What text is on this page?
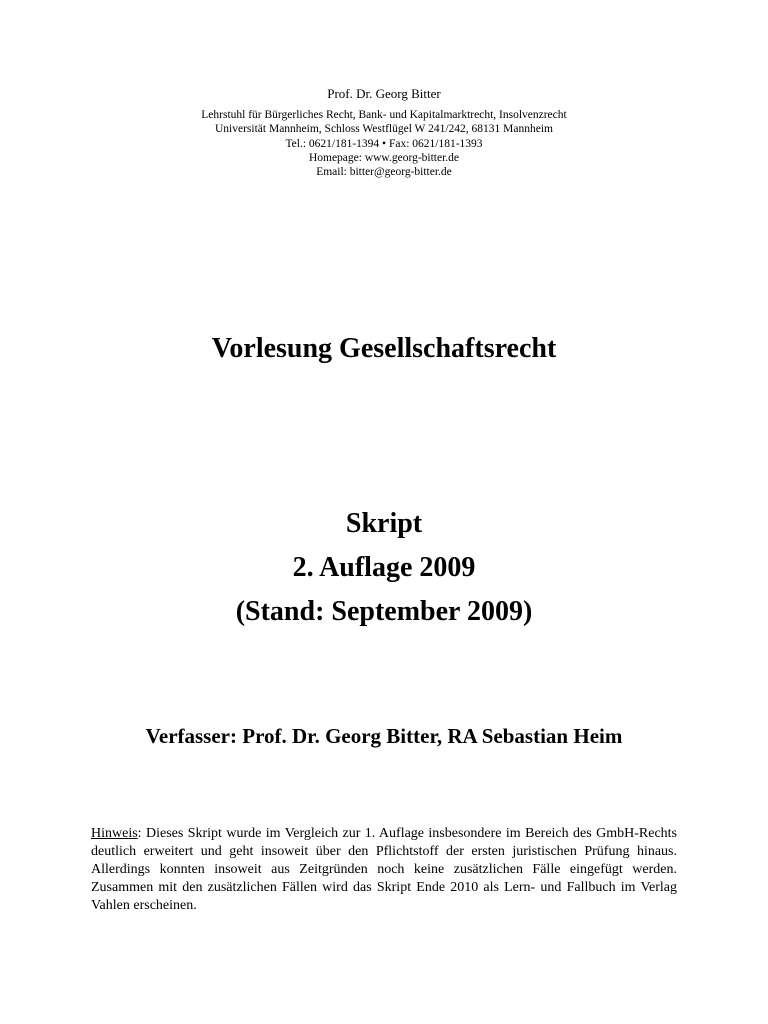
Prof. Dr. Georg Bitter
Lehrstuhl für Bürgerliches Recht, Bank- und Kapitalmarktrecht, Insolvenzrecht
Universität Mannheim, Schloss Westflügel W 241/242, 68131 Mannheim
Tel.: 0621/181-1394 • Fax: 0621/181-1393
Homepage: www.georg-bitter.de
Email: bitter@georg-bitter.de
Vorlesung Gesellschaftsrecht
Skript
2. Auflage 2009
(Stand: September 2009)
Verfasser: Prof. Dr. Georg Bitter, RA Sebastian Heim
Hinweis: Dieses Skript wurde im Vergleich zur 1. Auflage insbesondere im Bereich des GmbH-Rechts deutlich erweitert und geht insoweit über den Pflichtstoff der ersten juristischen Prüfung hinaus. Allerdings konnten insoweit aus Zeitgründen noch keine zusätzlichen Fälle eingefügt werden. Zusammen mit den zusätzlichen Fällen wird das Skript Ende 2010 als Lern- und Fallbuch im Verlag Vahlen erscheinen.
